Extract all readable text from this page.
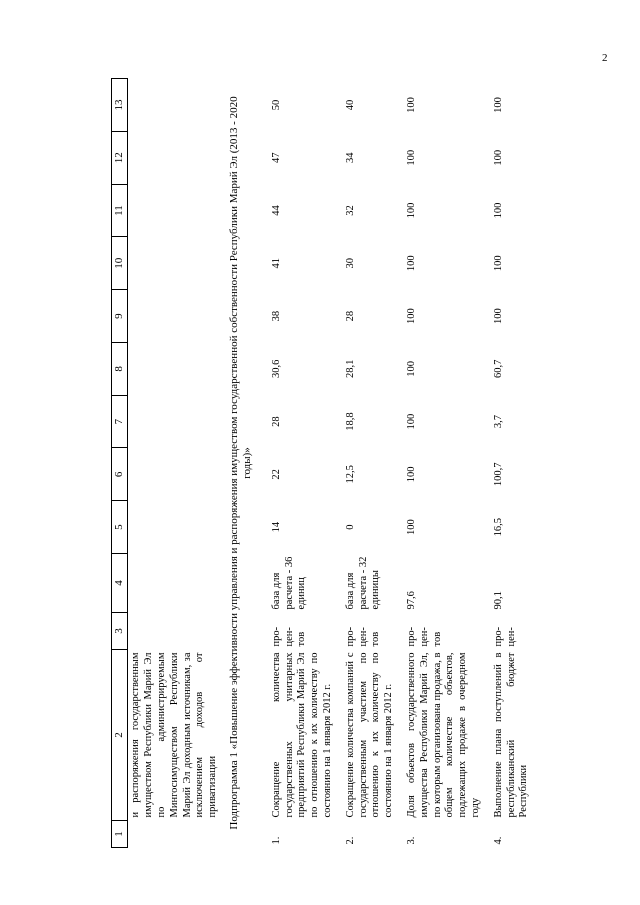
2
1	2	3	4	5	6	7	8	9	10	11	12	13
	и распоряжения государственным имуществом Республики Марий Эл по администрируемым Мингосимуществом Республики Марий Эл доходным источникам, за исключением доходов от приватизации											
Подпрограмма 1 «Повышение эффективности управления и распоряжения имуществом государственной собственности Республики Марий Эл (2013 - 2020 годы)»												
1.	Сокращение количества государственных унитарных предприятий Республики Марий Эл по отношению к их количеству по состоянию на 1 января 2012 г.	про-цен-тов	база для расчета - 36 единиц	14	22	28	30,6	38	41	44	47	50
2.	Сокращение количества компаний с государственным участием по отношению к их количеству по состоянию на 1 января 2012 г.	про-цен-тов	база для расчета - 32 единицы	0	12,5	18,8	28,1	28	30	32	34	40
3.	Доля объектов государственного имущества Республики Марий Эл, по которым организована продажа, в общем количестве объектов, подлежащих продаже в очередном году	про-цен-тов	97,6	100	100	100	100	100	100	100	100	100
4.	Выполнение плана поступлений в республиканский бюджет Республики	про-цен-	90,1	16,5	100,7	3,7	60,7	100	100	100	100	100
